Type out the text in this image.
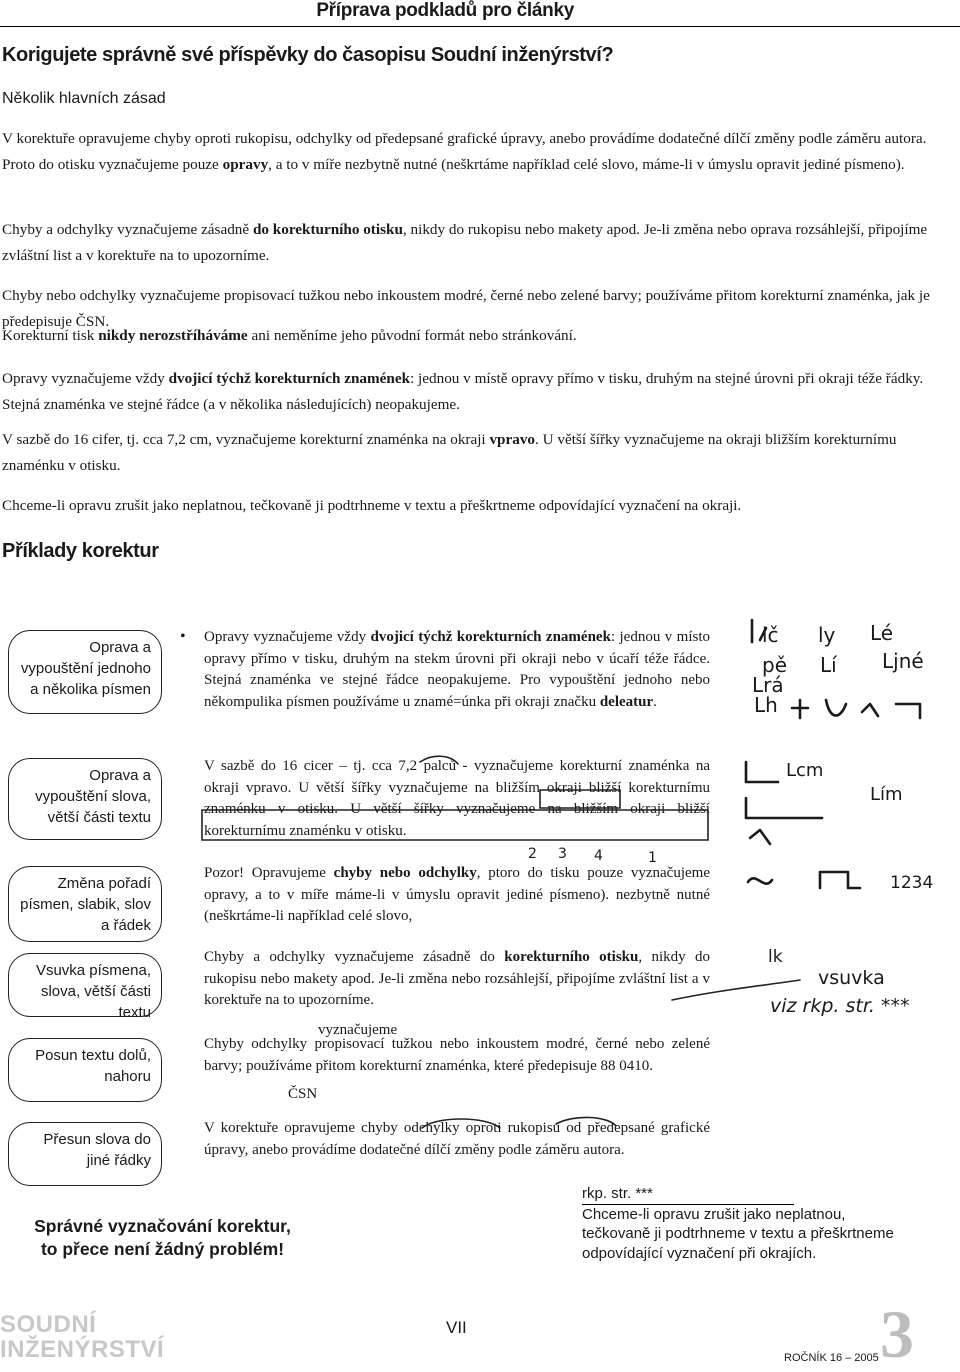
Příprava podkladů pro články
Korigujete správně své příspěvky do časopisu Soudní inženýrství?
Několik hlavních zásad
V korektuře opravujeme chyby oproti rukopisu, odchylky od předepsané grafické úpravy, anebo provádíme dodatečné dílčí změny podle záměru autora. Proto do otisku vyznačujeme pouze opravy, a to v míře nezbytně nutné (neškrtáme například celé slovo, máme-li v úmyslu opravit jediné písmeno).
Chyby a odchylky vyznačujeme zásadně do korekturního otisku, nikdy do rukopisu nebo makety apod. Je-li změna nebo oprava rozsáhlejší, připojíme zvláštní list a v korektuře na to upozorníme.
Chyby nebo odchylky vyznačujeme propisovací tužkou nebo inkoustem modré, černé nebo zelené barvy; používáme přitom korekturní znaménka, jak je předepisuje ČSN.
Korekturní tisk nikdy nerozstříháváme ani neměníme jeho původní formát nebo stránkování.
Opravy vyznačujeme vždy dvojicí týchž korekturních znamének: jednou v místě opravy přímo v tisku, druhým na stejné úrovni při okraji téže řádky. Stejná znaménka ve stejné řádce (a v několika následujících) neopakujeme.
V sazbě do 16 cifer, tj. cca 7,2 cm, vyznačujeme korekturní znaménka na okraji vpravo. U větší šířky vyznačujeme na okraji bližším korekturnímu znaménku v otisku.
Chceme-li opravu zrušit jako neplatnou, tečkovaně ji podtrhneme v textu a přeškrtneme odpovídající vyznačení na okraji.
Příklady korektur
Oprava a vypouštění jednoho a několika písmen
Oprava a vypouštění slova, větší části textu
Změna pořadí písmen, slabik, slov a řádek
Vsuvka písmena, slova, větší části textu
Posun textu dolů, nahoru
Přesun slova do jiné řádky
• Opravy vyznačujeme vždy dvojicí týchž korekturních znamének: jednou v místo opravy přímo v tisku, druhým na stekm úrovni při okraji nebo v úcaří téže řádce. Stejná znaménka ve stejné řádce neopakujeme. Pro vypouštění jednoho nebo někompulika písmen používáme u znamé=únka při okraji značku deleatur.
V sazbě do 16 cicer – tj. cca 7,2 palců - vyznačujeme korekturní znaménka na okraji vpravo. U větší šířky vyznačujeme na bližším okraji bližší korekturnímu znaménku v otisku. U větší šířky vyznačujeme na bližším okraji bližší korekturnímu znaménku v otisku.
Pozor! Opravujeme chyby nebo odchylky, ptoro do tisku pouze vyznačujeme opravy, a to v míře máme-li v úmyslu opravit jediné písmeno). nezbytně nutné (neškrtáme-li například celé slovo,
Chyby a odchylky vyznačujeme zásadně do korekturního otisku, nikdy do rukopisu nebo makety apod. Je-li změna nebo rozsáhlejší, připojíme zvláštní list a v korektuře na to upozorníme.
vyznačujeme
Chyby odchylky propisovací tužkou nebo inkoustem modré, černé nebo zelené barvy; používáme přitom korekturní znaménka, které předepisuje 88 0410.
ČSN
V korektuře opravujeme chyby odchylky oproti rukopisu od předepsané grafické úpravy, anebo provádíme dodatečné dílčí změny podle záměru autora.
lč ly Lé
pě Lí Ljné
Lrá
Lh
Lcm
Lím
2 3 4	1
1234
lk
vsuvka
viz rkp. str. ***
Správné vyznačování korektur,
to přece není žádný problém!
rkp. str. ***
Chceme-li opravu zrušit jako neplatnou,
tečkovaně ji podtrhneme v textu a přeškrtneme
odpovídající vyznačení při okrajích.
SOUDNÍ
INŽENÝRSTVÍ
VII
ROČNÍK 16 – 2005 3
